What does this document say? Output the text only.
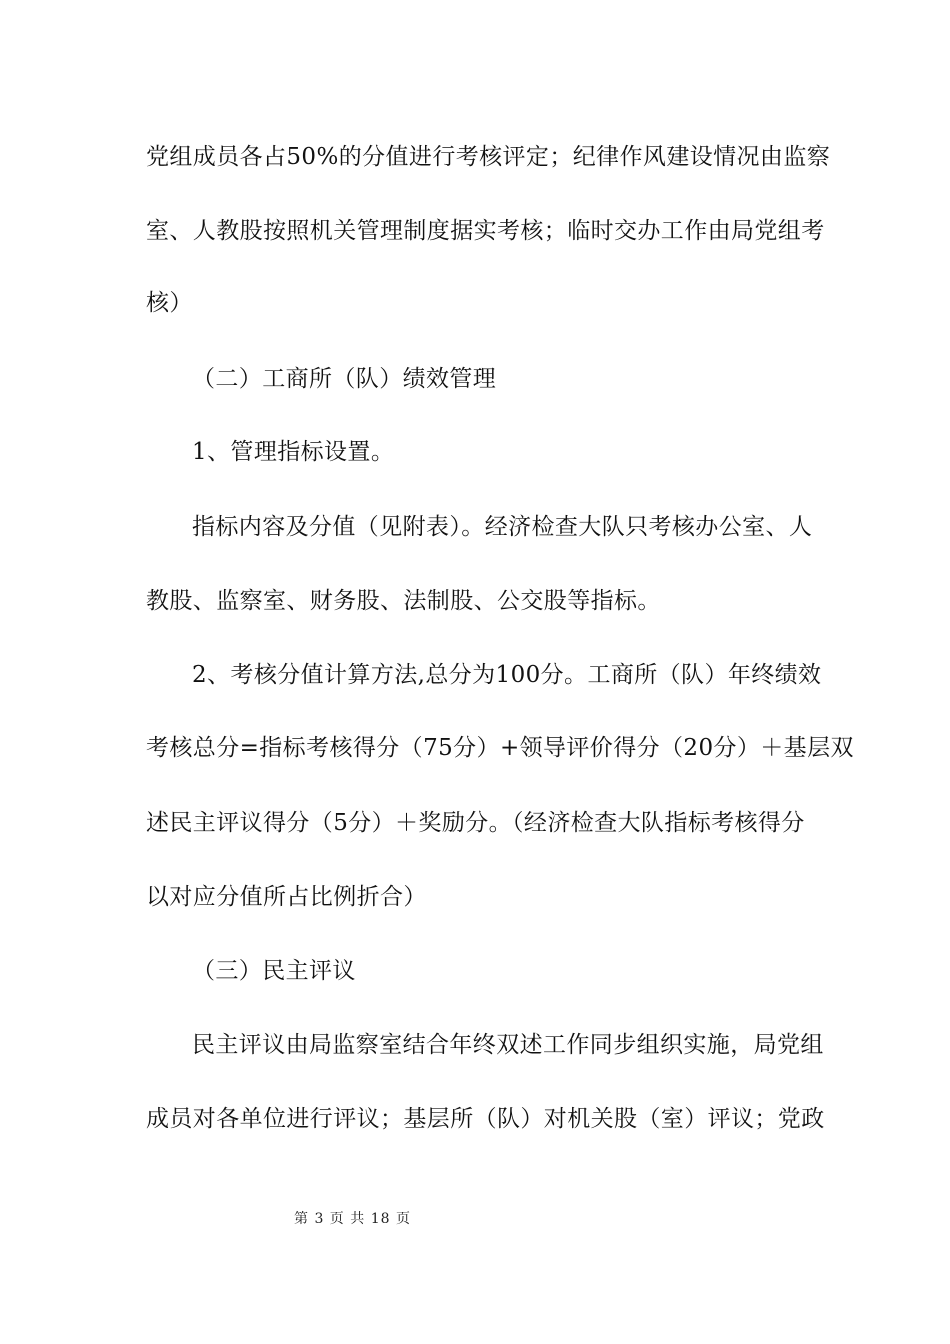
党组成员各占50%的分值进行考核评定；纪律作风建设情况由监察
室、人教股按照机关管理制度据实考核；临时交办工作由局党组考
核）
（二）工商所（队）绩效管理
1、管理指标设置。
指标内容及分值（见附表）。经济检查大队只考核办公室、人
教股、监察室、财务股、法制股、公交股等指标。
2、考核分值计算方法,总分为100分。工商所（队）年终绩效
考核总分=指标考核得分（75分）+领导评价得分（20分）＋基层双
述民主评议得分（5分）＋奖励分。（经济检查大队指标考核得分
以对应分值所占比例折合）
（三）民主评议
民主评议由局监察室结合年终双述工作同步组织实施，局党组
成员对各单位进行评议；基层所（队）对机关股（室）评议；党政
第 3 页 共 18 页
